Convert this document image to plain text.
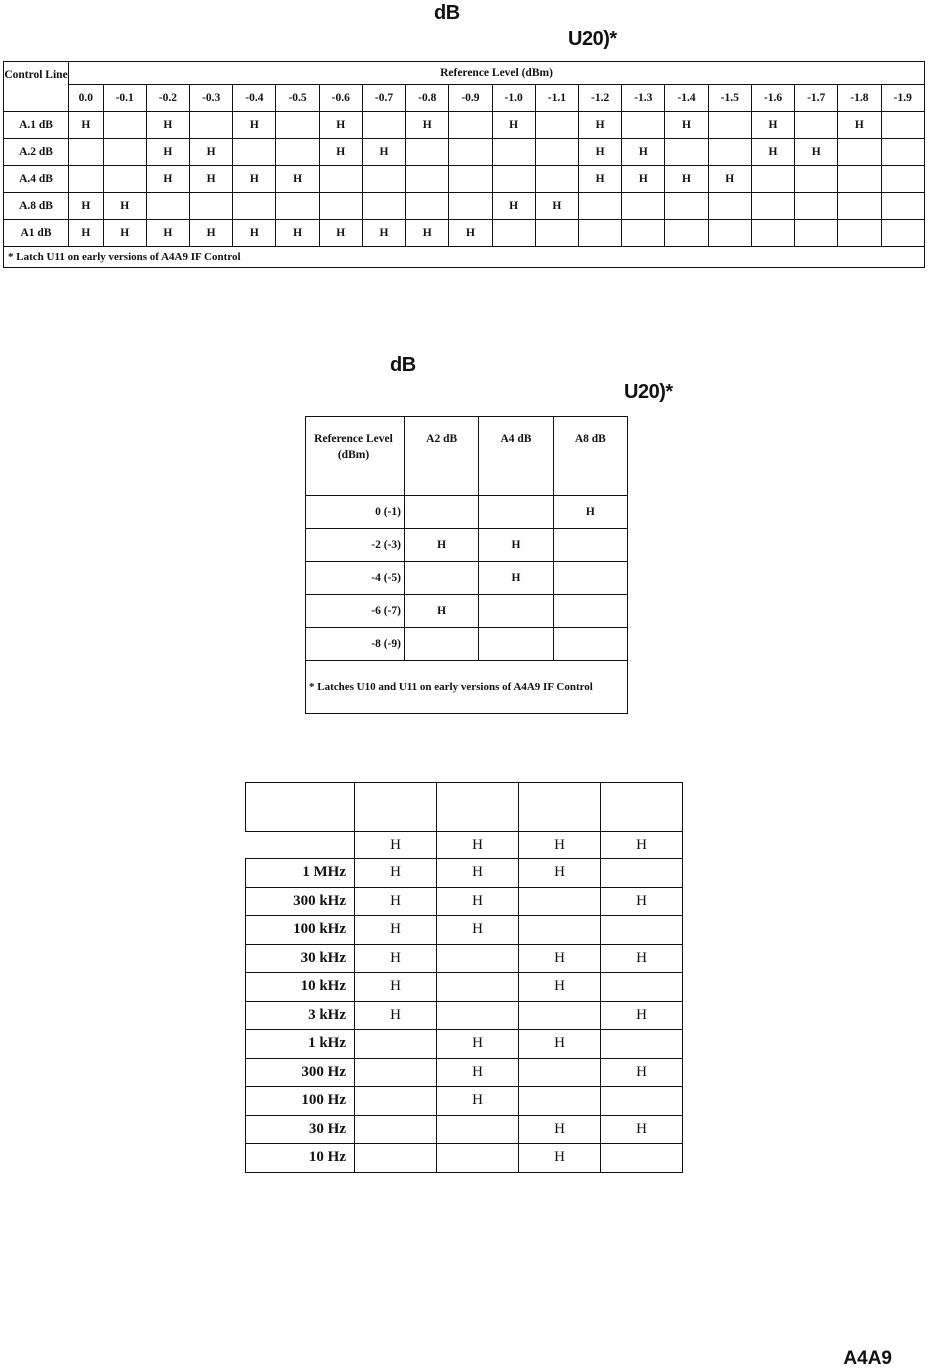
dB
U20)*
Control Line	Reference Level (dBm)																			
	0.0	-0.1	-0.2	-0.3	-0.4	-0.5	-0.6	-0.7	-0.8	-0.9	-1.0	-1.1	-1.2	-1.3	-1.4	-1.5	-1.6	-1.7	-1.8	-1.9
A.1 dB	H		H		H		H		H		H		H		H		H		H	
A.2 dB			H	H			H	H					H	H			H	H		
A.4 dB			H	H	H	H							H	H	H	H				
A.8 dB	H	H									H	H								
A1 dB	H	H	H	H	H	H	H	H	H	H										
* Latch U11 on early versions of A4A9 IF Control																				
dB
U20)*
Reference Level (dBm)	A2 dB	A4 dB	A8 dB
0 (-1)			H
-2 (-3)	H	H	
-4 (-5)		H	
-6 (-7)	H		
-8 (-9)			
* Latches U10 and U11 on early versions of A4A9 IF Control			

	H	H	H	H
1 MHz	H	H	H	
300 kHz	H	H		H
100 kHz	H	H		
30 kHz	H		H	H
10 kHz	H		H	
3 kHz	H			H
1 kHz		H	H	
300 Hz		H		H
100 Hz		H		
30 Hz			H	H
10 Hz			H	
A4A9
